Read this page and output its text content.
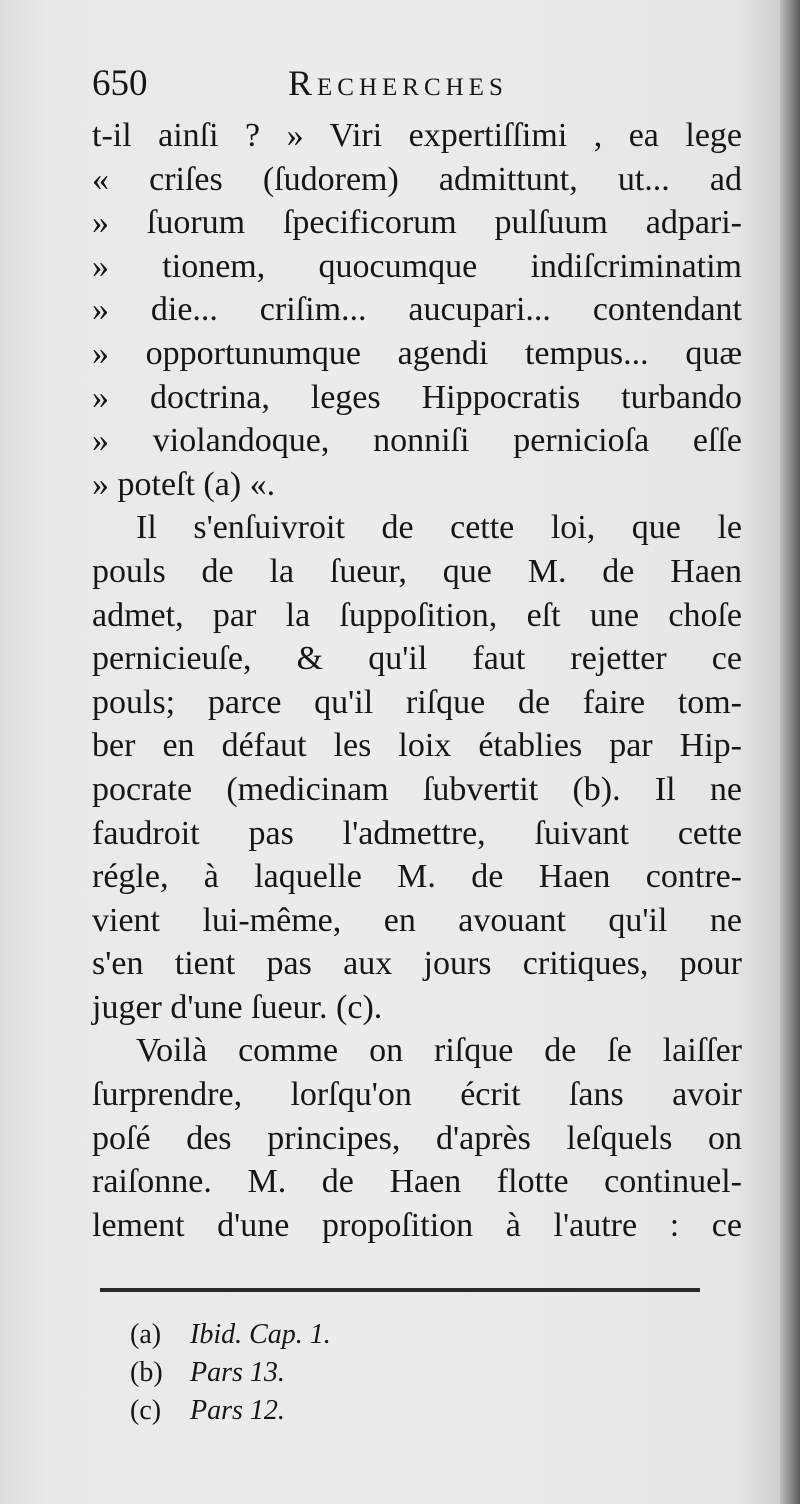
650	Recherches
t-il ainſi ? » Viri expertiſſimi , ea lege
« criſes (ſudorem) admittunt, ut... ad
» ſuorum ſpecificorum pulſuum adpari-
» tionem, quocumque indiſcriminatim
» die... criſim... aucupari... contendant
» opportunumque agendi tempus... quæ
» doctrina, leges Hippocratis turbando
» violandoque, nonniſi pernicioſa eſſe
» poteſt (a) «.
Il s'enſuivroit de cette loi, que le
pouls de la ſueur, que M. de Haen
admet, par la ſuppoſition, eſt une choſe
pernicieuſe, & qu'il faut rejetter ce
pouls; parce qu'il riſque de faire tom-
ber en défaut les loix établies par Hip-
pocrate (medicinam ſubvertit (b). Il ne
faudroit pas l'admettre, ſuivant cette
régle, à laquelle M. de Haen contre-
vient lui-même, en avouant qu'il ne
s'en tient pas aux jours critiques, pour
juger d'une ſueur. (c).
Voilà comme on riſque de ſe laiſſer
ſurprendre, lorſqu'on écrit ſans avoir
poſé des principes, d'après leſquels on
raiſonne. M. de Haen flotte continuel-
lement d'une propoſition à l'autre : ce
(a) Ibid. Cap. 1.
(b) Pars 13.
(c) Pars 12.
